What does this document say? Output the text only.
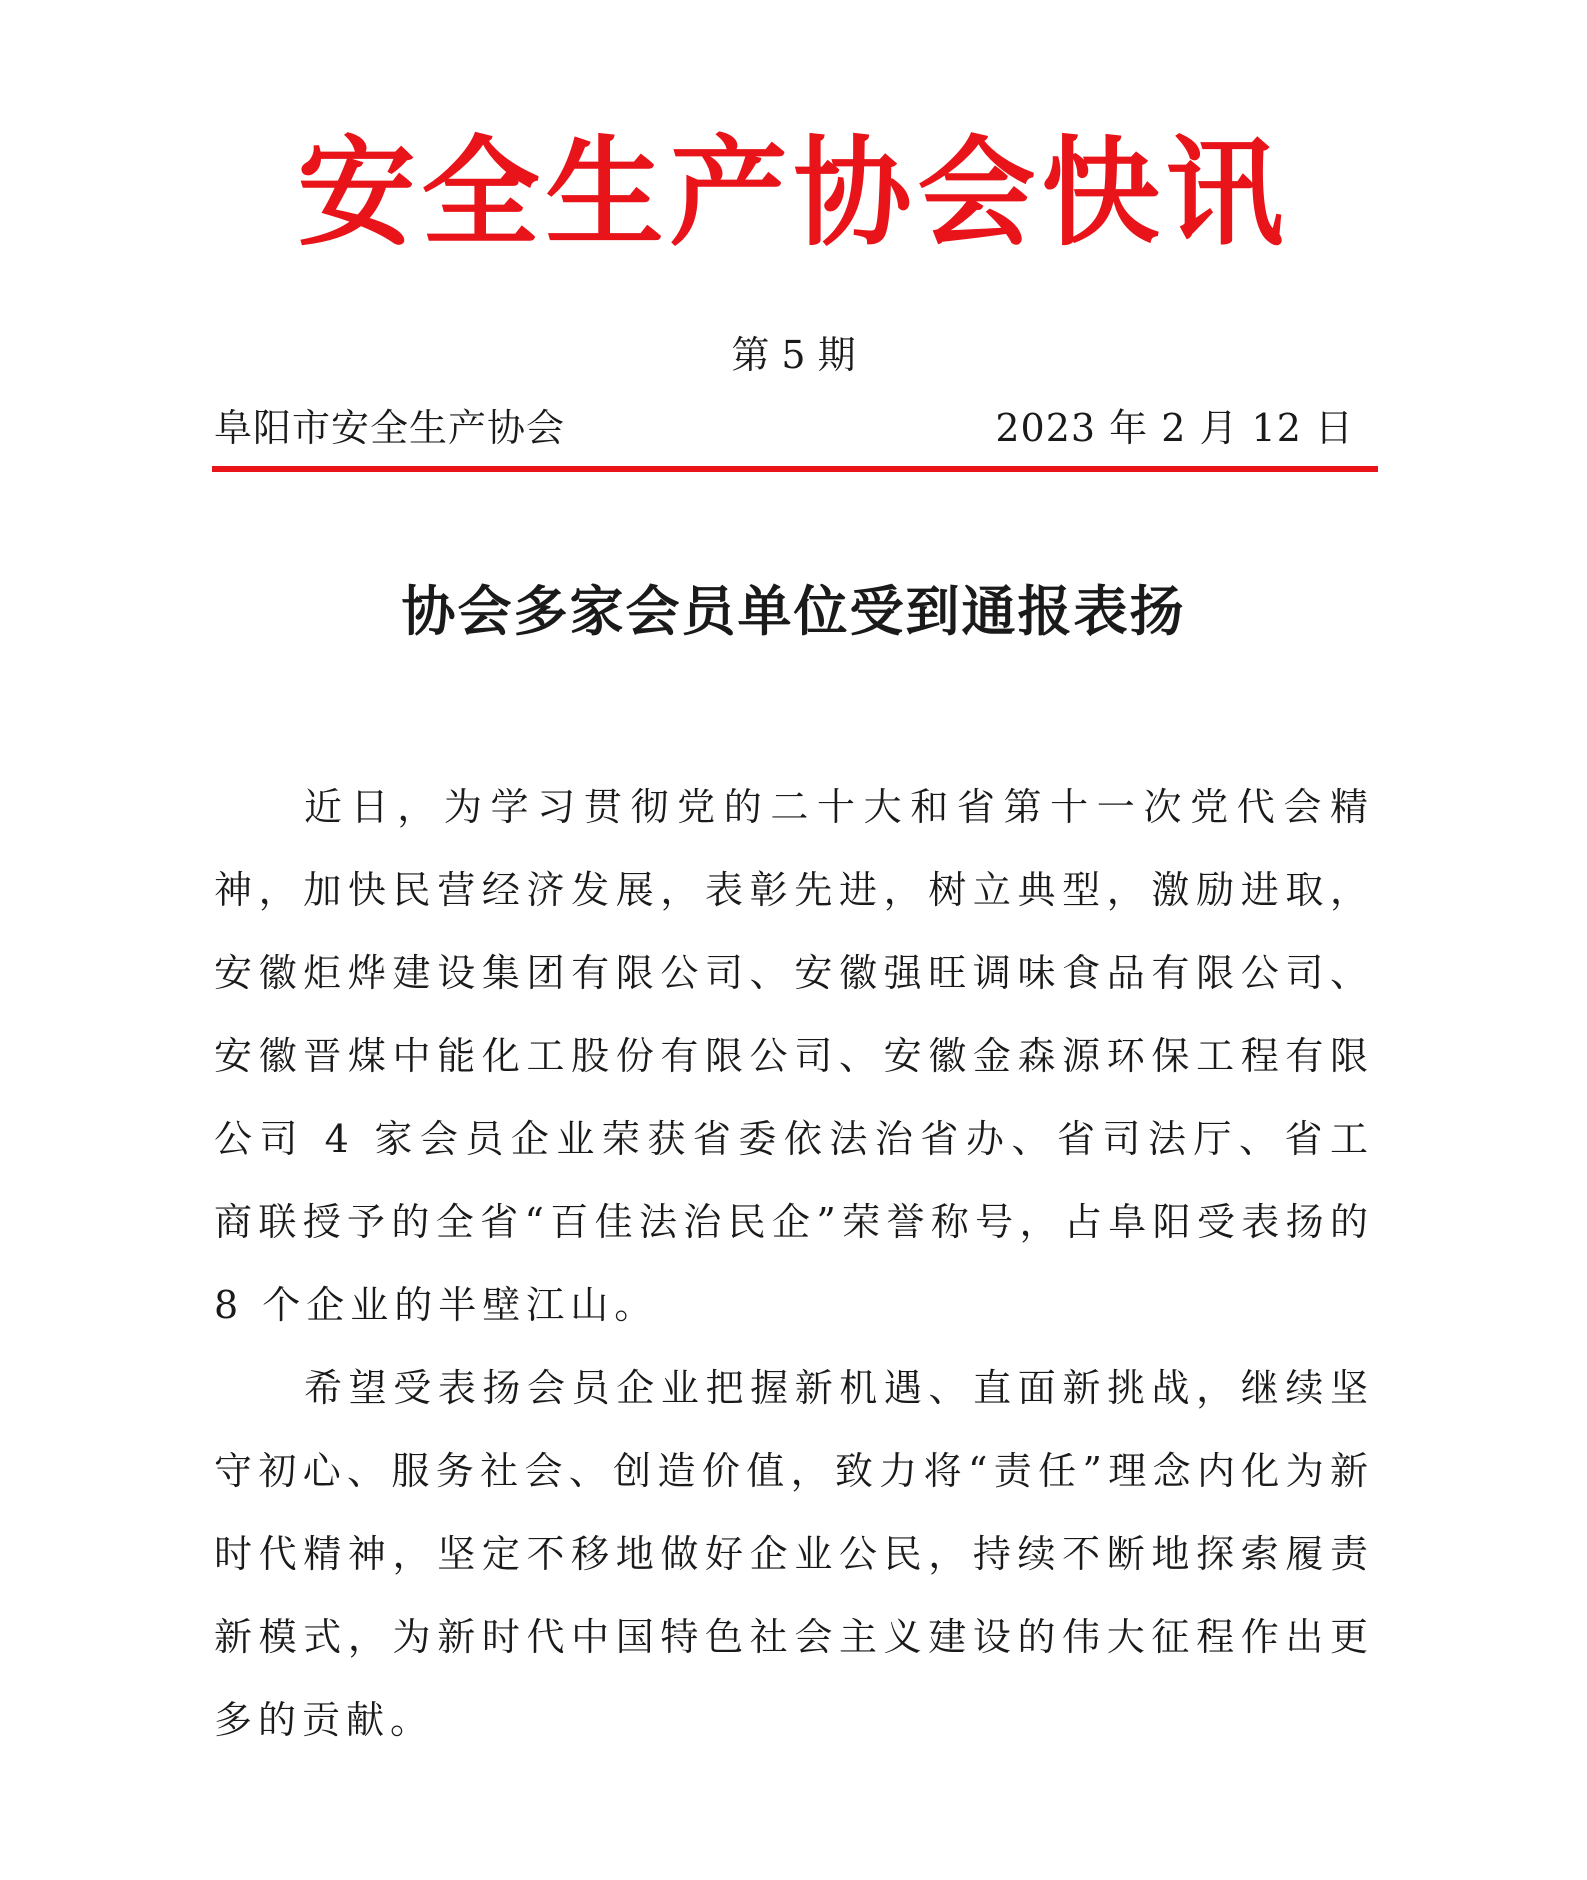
安全生产协会快讯
第 5 期
阜阳市安全生产协会	2023 年 2 月 12 日
协会多家会员单位受到通报表扬

近日，为学习贯彻党的二十大和省第十一次党代会精神，加快民营经济发展，表彰先进，树立典型，激励进取，安徽炬烨建设集团有限公司、安徽强旺调味食品有限公司、安徽晋煤中能化工股份有限公司、安徽金森源环保工程有限公司 4 家会员企业荣获省委依法治省办、省司法厅、省工商联授予的全省“百佳法治民企”荣誉称号，占阜阳受表扬的 8 个企业的半壁江山。

希望受表扬会员企业把握新机遇、直面新挑战，继续坚守初心、服务社会、创造价值，致力将“责任”理念内化为新时代精神，坚定不移地做好企业公民，持续不断地探索履责新模式，为新时代中国特色社会主义建设的伟大征程作出更多的贡献。
